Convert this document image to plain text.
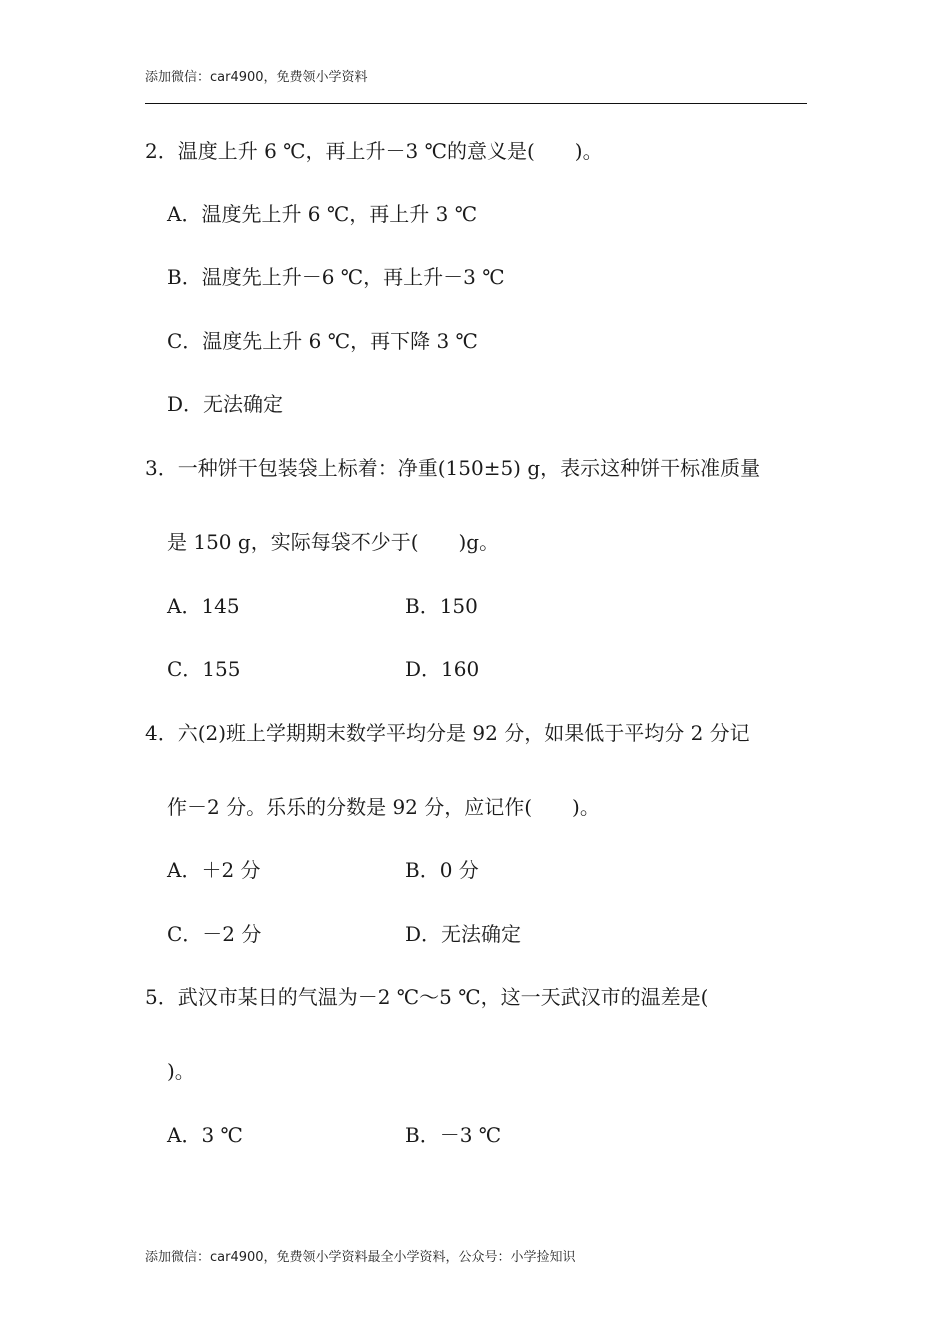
添加微信：car4900，免费领小学资料
2．温度上升 6 ℃，再上升－3 ℃的意义是(　　)。
A．温度先上升 6 ℃，再上升 3 ℃
B．温度先上升－6 ℃，再上升－3 ℃
C．温度先上升 6 ℃，再下降 3 ℃
D．无法确定
3．一种饼干包装袋上标着：净重(150±5) g，表示这种饼干标准质量
是 150 g，实际每袋不少于(　　)g。
A．145	B．150
C．155	D．160
4．六(2)班上学期期末数学平均分是 92 分，如果低于平均分 2 分记
作－2 分。乐乐的分数是 92 分，应记作(　　)。
A．＋2 分	B．0 分
C．－2 分	D．无法确定
5．武汉市某日的气温为－2 ℃～5 ℃，这一天武汉市的温差是(
)。
A．3 ℃	B．－3 ℃
添加微信：car4900，免费领小学资料最全小学资料，公众号：小学捡知识
